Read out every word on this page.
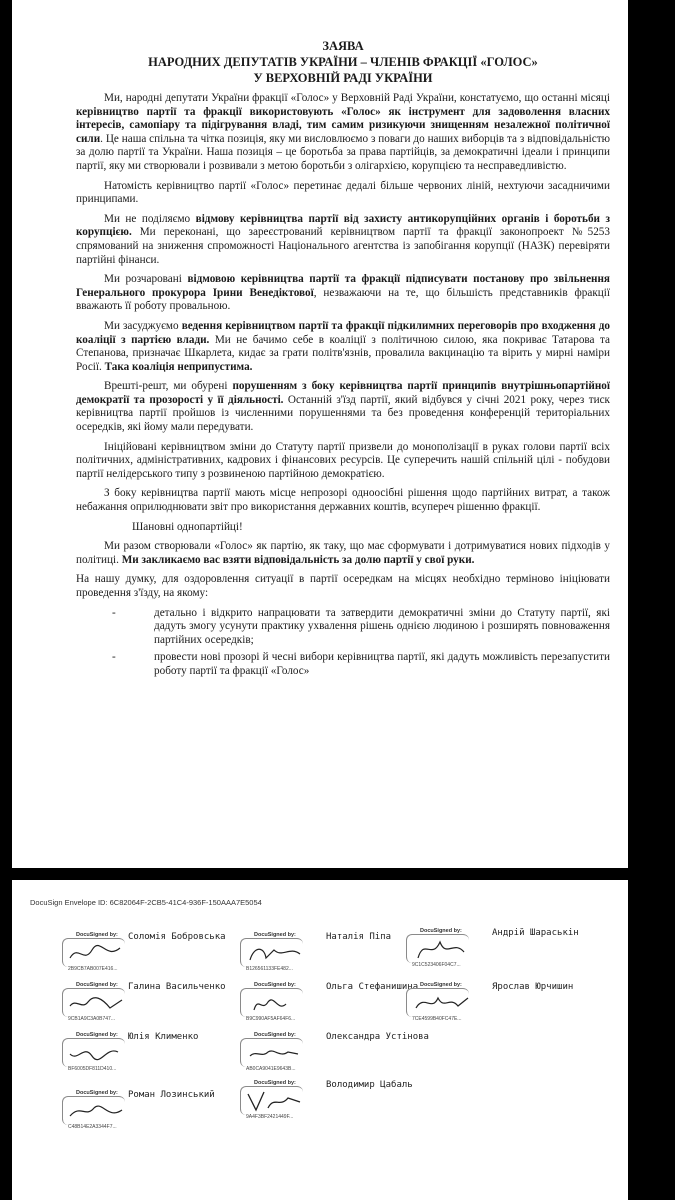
ЗАЯВА

НАРОДНИХ ДЕПУТАТІВ УКРАЇНИ – ЧЛЕНІВ ФРАКЦІЇ «ГОЛОС»

У ВЕРХОВНІЙ РАДІ УКРАЇНИ

Ми, народні депутати України фракції «Голос» у Верховній Раді України, констатуємо, що останні місяці керівництво партії та фракції використовують «Голос» як інструмент для задоволення власних інтересів, самопіару та підігрування владі, тим самим ризикуючи знищенням незалежної політичної сили. Це наша спільна та чітка позиція, яку ми висловлюємо з поваги до наших виборців та з відповідальністю за долю партії та України. Наша позиція – це боротьба за права партійців, за демократичні ідеали і принципи партії, яку ми створювали і розвивали з метою боротьби з олігархією, корупцією та несправедливістю.

Натомість керівництво партії «Голос» перетинає дедалі більше червоних ліній, нехтуючи засадничими принципами.

Ми не поділяємо відмову керівництва партії від захисту антикорупційних органів і боротьби з корупцією. Ми переконані, що зареєстрований керівництвом партії та фракції законопроект №5253 спрямований на зниження спроможності Національного агентства із запобігання корупції (НАЗК) перевіряти партійні фінанси.

Ми розчаровані відмовою керівництва партії та фракції підписувати постанову про звільнення Генерального прокурора Ірини Венедіктової, незважаючи на те, що більшість представників фракції вважають її роботу провальною.

Ми засуджуємо ведення керівництвом партії та фракції підкилимних переговорів про входження до коаліції з партією влади. Ми не бачимо себе в коаліції з політичною силою, яка покриває Татарова та Степанова, призначає Шкарлета, кидає за грати політв'язнів, провалила вакцинацію та вірить у мирні наміри Росії. Така коаліція неприпустима.

Врешті-решт, ми обурені порушенням з боку керівництва партії принципів внутрішньопартійної демократії та прозорості у її діяльності. Останній з'їзд партії, який відбувся у січні 2021 року, через тиск керівництва партії пройшов із численними порушеннями та без проведення конференцій територіальних осередків, які йому мали передувати.

Ініційовані керівництвом зміни до Статуту партії призвели до монополізації в руках голови партії всіх політичних, адміністративних, кадрових і фінансових ресурсів. Це суперечить нашій спільній цілі - побудови партії нелідерського типу з розвиненою партійною демократією.

З боку керівництва партії мають місце непрозорі одноосібні рішення щодо партійних витрат, а також небажання оприлюднювати звіт про використання державних коштів, всупереч рішенню фракції.

Шановні однопартійці!

Ми разом створювали «Голос» як партію, як таку, що має сформувати і дотримуватися нових підходів у політиці. Ми закликаємо вас взяти відповідальність за долю партії у свої руки.

На нашу думку, для оздоровлення ситуації в партії осередкам на місцях необхідно терміново ініціювати проведення з'їзду, на якому:

-	детально і відкрито напрацювати та затвердити демократичні зміни до Статуту партії, які дадуть змогу усунути практику ухвалення рішень однією людиною і розширять повноваження партійних осередків;
-	провести нові прозорі й чесні вибори керівництва партії, які дадуть можливість перезапустити роботу партії та фракції «Голос»
DocuSign Envelope ID: 6C82064F-2CB5-41C4-936F-150AAA7E5054
DocuSigned by:
2B9CB7AB007E416...
Соломія Бобровська	DocuSigned by:
B126561133FE482...
Наталія Піпа
DocuSigned by:
9C1C523406F04C7...
Андрій Шараськін
DocuSigned by:
9CB1A9C3A0B747...
Галина Васильченко	DocuSigned by:
B9C990AF5AF64F6...
Ольга Стефанишина DocuSigned by:
7CE4599B40FC47E...
Ярослав Юрчишин
DocuSigned by:
BF6005DF811D410...
Юлія Клименко	DocuSigned by:
AB0CA9041E9643B...
Олександра Устінова
DocuSigned by:
C48B14E2A3344F7...
Роман Лозинський
DocuSigned by:
9A4F3BF2421449F...
Володимир Цабаль
